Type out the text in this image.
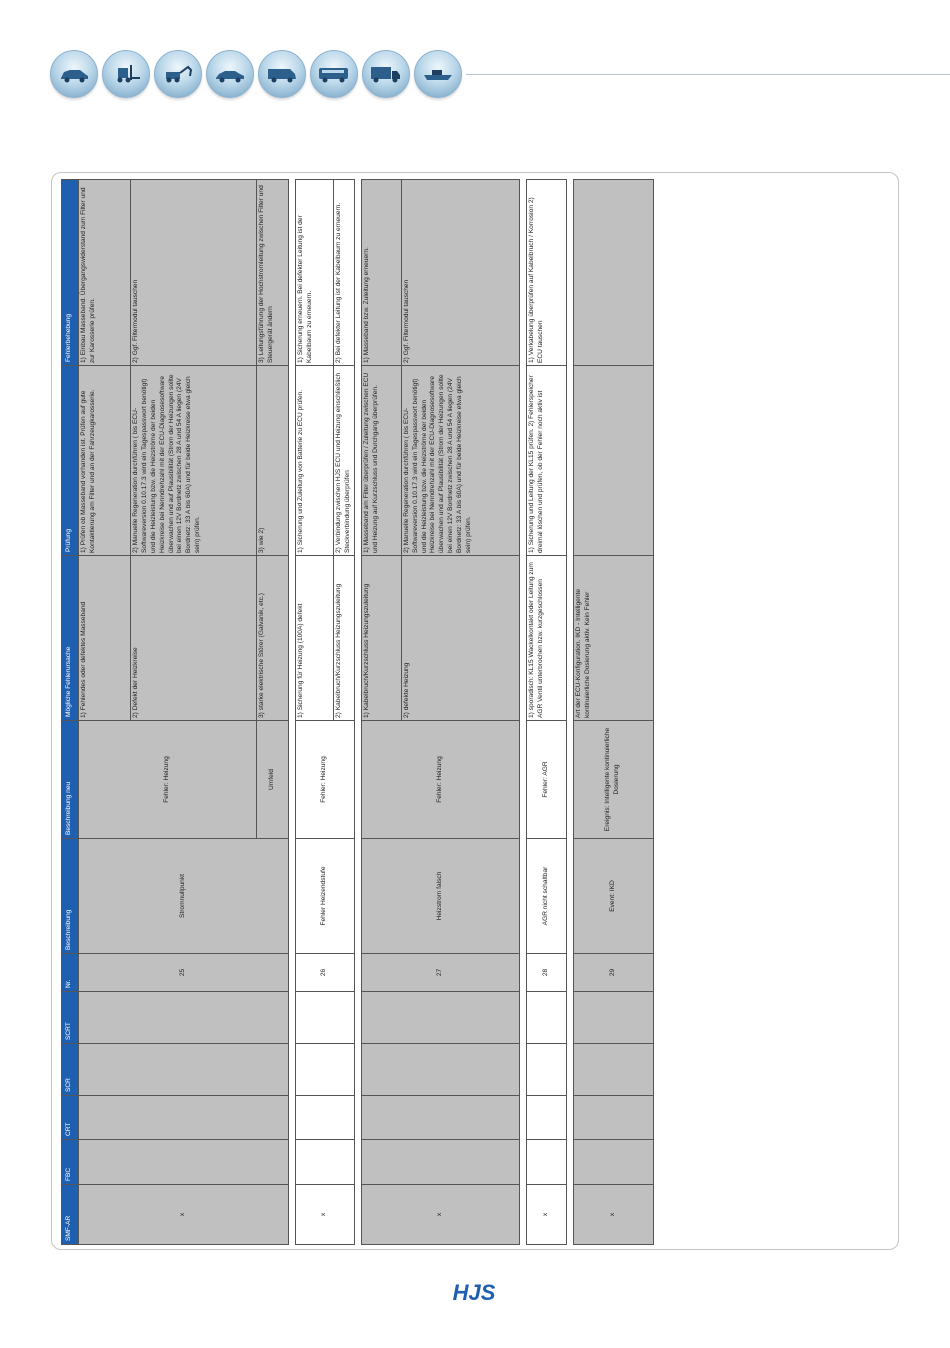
SMF-AR	FBC	CRT	SCR	SCRT	Nr.	Beschreibung	Beschreibung neu	Mögliche Fehlerursache	Prüfung	Fehlerbehebung
x					25	Stromnullpunkt	Fehler: Heizung	1) Fehlendes oder defektes Masseband	1) Prüfen ob Masseband vorhanden ist. Prüfen auf gute Kontaktierung am Filter und an der Fahrzeugkarosserie.	1) Einbau Masseband. Übergangswiderstand zum Filter und zur Karosserie prüfen.
								2) Defekt der Heizkreise	2) Manuelle Regeneration durchführen ( bis ECU-Softwareversion 0.10.17.3 wird ein Tagespasswort benötigt) und die Heizleistung bzw. die Heizströme der beiden Heizkreise bei Nenndrehzahl mit der ECU-Diagnosesoftware überwachen und auf Plausibilität (Strom der Heizungen sollte bei einen 12V Bordnetz zwischen 28 A und 54 A liegen (24V Bordnetz: 33 A bis 60A) und für beide Heizkreise etwa gleich sein) prüfen.	2) Ggf. Filtermodul tauschen
							Umfeld	3) starke elektrische Störer (Galvanik, etc.)	3) wie 2)	3) Leitungsführung der Hochstromleitung zwischen Filter und Steuergerät ändern

x					26	Fehler Heizendstufe	Fehler: Heizung	1) Sicherung für Heizung (100A) defekt	1) Sicherung und Zuleitung von Batterie zu ECU prüfen.	1) Sicherung erneuern. Bei defekter Leitung ist der Kabelbaum zu erneuern.
								2) Kabelbruch/Kurzschluss Heizungszuleitung	2) Verbindung zwischen HJS ECU und Heizung einschließlich Steckverbindung überprüfen	2) Bei defekter Leitung ist der Kabelbaum zu erneuern.

x					27	Heizstrom falsch	Fehler: Heizung	1) Kabelbruch/Kurzschluss Heizungszuleitung	1) Masseband am Filter überprüfen / Zuleitung zwischen ECU und Heizung auf Kurzschluss und Durchgang überprüfen.	1) Masseband bzw. Zuleitung erneuern.
								2) defekte Heizung	2) Manuelle Regeneration durchführen ( bis ECU-Softwareversion 0.10.17.3 wird ein Tagespasswort benötigt) und die Heizleistung bzw. die Heizströme der beiden Heizkreise bei Nenndrehzahl mit der ECU-Diagnosesoftware überwachen und auf Plausibilität (Strom der Heizungen sollte bei einen 12V Bordnetz zwischen 28 A und 54 A liegen (24V Bordnetz: 33 A bis 60A) und für beide Heizkreise etwa gleich sein) prüfen.	2) Ggf. Filtermodul tauschen

x					28	AGR nicht schaltbar	Fehler: AGR	1) sporadisch: KL15 Wackelkontakt oder Leitung zum AGR Ventil unterbrochen bzw. kurzgeschlossen	1) Sicherung und Leitung der KL15 prüfen. 2) Fehlerspeicher dreimal löschen und prüfen, ob der Fehler noch aktiv ist	1) Verkabelung überprüfen auf Kabelbruch / Korrosion 2) ECU tauschen

x					29	Event: IKD	Ereignis: Intelligente kontinuierliche Dosierung	Art der ECU-Konfiguration. IKD - Intelligente kontinuierliche Dosierung aktiv. Kein Fehler		
HJS
